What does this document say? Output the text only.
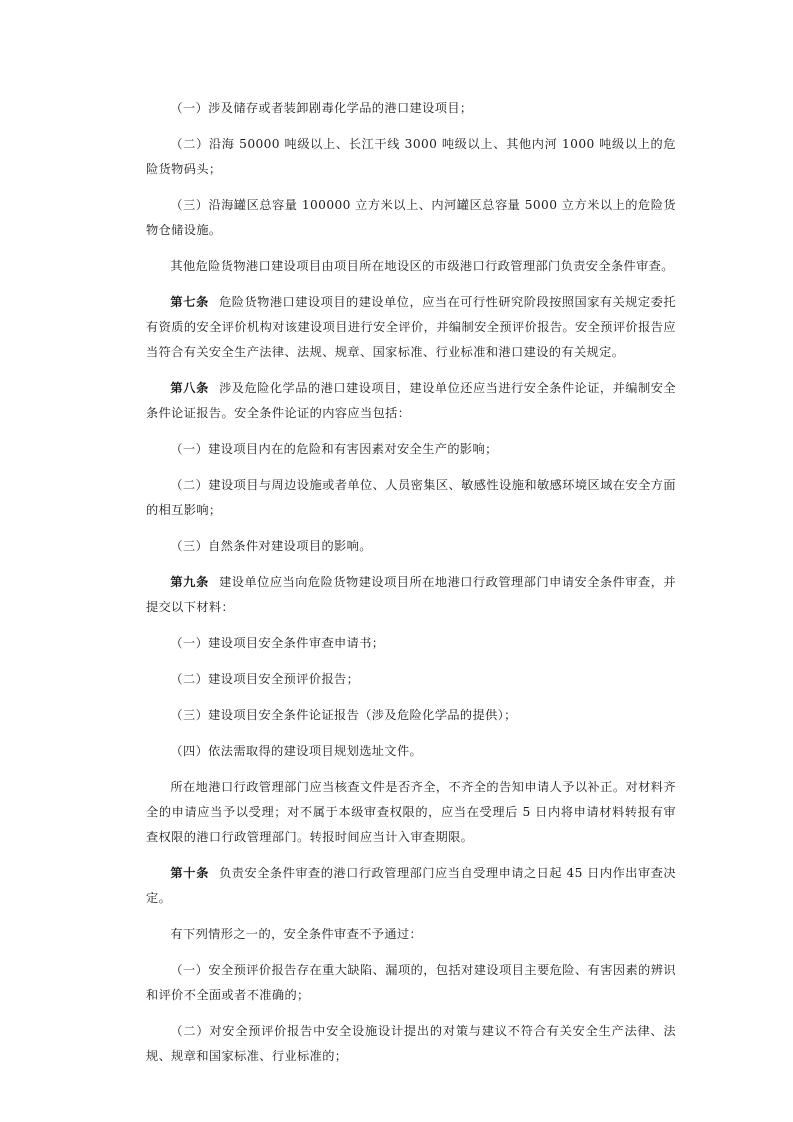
（一）涉及储存或者装卸剧毒化学品的港口建设项目；

（二）沿海 50000 吨级以上、长江干线 3000 吨级以上、其他内河 1000 吨级以上的危险货物码头；

（三）沿海罐区总容量 100000 立方米以上、内河罐区总容量 5000 立方米以上的危险货物仓储设施。

其他危险货物港口建设项目由项目所在地设区的市级港口行政管理部门负责安全条件审查。

第七条 危险货物港口建设项目的建设单位，应当在可行性研究阶段按照国家有关规定委托有资质的安全评价机构对该建设项目进行安全评价，并编制安全预评价报告。安全预评价报告应当符合有关安全生产法律、法规、规章、国家标准、行业标准和港口建设的有关规定。

第八条 涉及危险化学品的港口建设项目，建设单位还应当进行安全条件论证，并编制安全条件论证报告。安全条件论证的内容应当包括：

（一）建设项目内在的危险和有害因素对安全生产的影响；

（二）建设项目与周边设施或者单位、人员密集区、敏感性设施和敏感环境区域在安全方面的相互影响；

（三）自然条件对建设项目的影响。

第九条 建设单位应当向危险货物建设项目所在地港口行政管理部门申请安全条件审查，并提交以下材料：

（一）建设项目安全条件审查申请书；

（二）建设项目安全预评价报告；

（三）建设项目安全条件论证报告（涉及危险化学品的提供）；

（四）依法需取得的建设项目规划选址文件。

所在地港口行政管理部门应当核查文件是否齐全，不齐全的告知申请人予以补正。对材料齐全的申请应当予以受理；对不属于本级审查权限的，应当在受理后 5 日内将申请材料转报有审查权限的港口行政管理部门。转报时间应当计入审查期限。

第十条 负责安全条件审查的港口行政管理部门应当自受理申请之日起 45 日内作出审查决定。

有下列情形之一的，安全条件审查不予通过：

（一）安全预评价报告存在重大缺陷、漏项的，包括对建设项目主要危险、有害因素的辨识和评价不全面或者不准确的；

（二）对安全预评价报告中安全设施设计提出的对策与建议不符合有关安全生产法律、法规、规章和国家标准、行业标准的；
